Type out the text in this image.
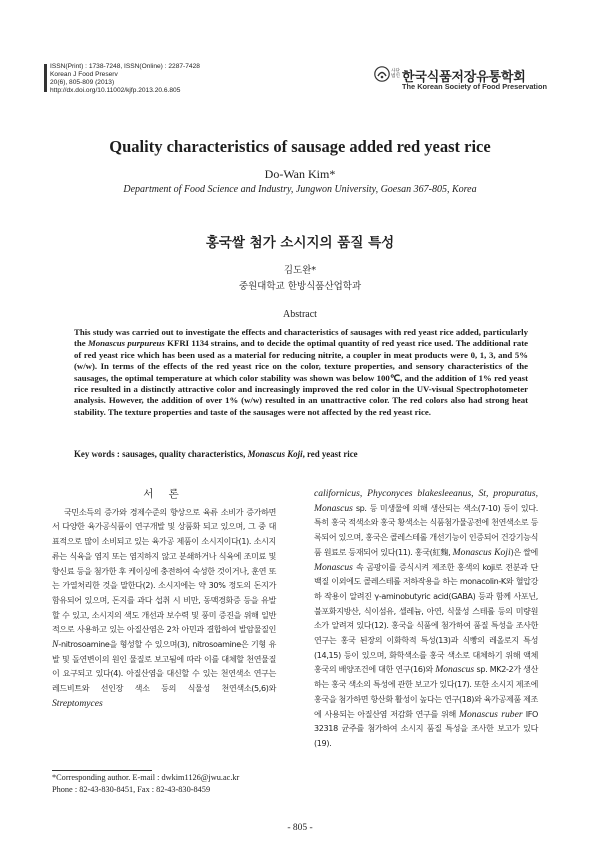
ISSN(Print) : 1738-7248, ISSN(Online) : 2287-7428
Korean J Food Preserv
20(6), 805-809 (2013)
http://dx.doi.org/10.11002/kjfp.2013.20.6.805
사단법인 한국식품저장유통학회
The Korean Society of Food Preservation
Quality characteristics of sausage added red yeast rice
Do-Wan Kim*
Department of Food Science and Industry, Jungwon University, Goesan 367-805, Korea
홍국쌀 첨가 소시지의 품질 특성
김도완*
중원대학교 한방식품산업학과
Abstract
This study was carried out to investigate the effects and characteristics of sausages with red yeast rice added, particularly the Monascus purpureus KFRI 1134 strains, and to decide the optimal quantity of red yeast rice used. The additional rate of red yeast rice which has been used as a material for reducing nitrite, a coupler in meat products were 0, 1, 3, and 5% (w/w). In terms of the effects of the red yeast rice on the color, texture properties, and sensory characteristics of the sausages, the optimal temperature at which color stability was shown was below 100℃, and the addition of 1% red yeast rice resulted in a distinctly attractive color and increasingly improved the red color in the UV-visual Spectrophotometer analysis. However, the addition of over 1% (w/w) resulted in an unattractive color. The red colors also had strong heat stability. The texture properties and taste of the sausages were not affected by the red yeast rice.
Key words : sausages, quality characteristics, Monascus Koji, red yeast rice
서 론

국민소득의 증가와 경제수준의 향상으로 육류 소비가 증가하면서 다양한 육가공식품이 연구개발 및 상품화 되고 있으며, 그 중 대표적으로 많이 소비되고 있는 육가공 제품이 소시지이다(1). 소시지류는 식육을 염지 또는 염지하지 않고 분쇄하거나 식육에 조미료 및 향신료 등을 첨가한 후 케이싱에 충전하여 숙성한 것이거나, 훈연 또는 가열처리한 것을 말한다(2). 소시지에는 약 30% 정도의 돈지가 함유되어 있으며, 돈지를 과다 섭취 시 비만, 동맥경화증 등을 유발할 수 있고, 소시지의 색도 개선과 보수력 및 풍미 증진을 위해 일반적으로 사용하고 있는 아질산염은 2차 아민과 결합하여 발암물질인 N-nitrosoamine을 형성할 수 있으며(3), nitrosoamine은 기형 유발 및 돌연변이의 원인 물질로 보고됨에 따라 이를 대체할 천연물질이 요구되고 있다(4). 아질산염을 대신할 수 있는 천연색소 연구는 레드비트와 선인장 색소 등의 식물성 천연색소(5,6)와 Streptomyces

californicus, Phyconyces blakesleeanus, St, propuratus, Monascus sp. 등 미생물에 의해 생산되는 색소(7-10) 등이 있다. 특히 홍국 적색소와 홍국 황색소는 식품첨가물공전에 천연색소로 등록되어 있으며, 홍국은 콜레스테롤 개선기능이 인증되어 건강기능식품 원료로 등재되어 있다(11). 홍국(紅麴, Monascus Koji)은 쌀에 Monascus 속 곰팡이를 증식시켜 제조한 홍색의 koji로 전분과 단백질 이외에도 콜레스테롤 저하작용을 하는 monacolin-K와 혈압강하 작용이 알려진 γ-aminobutyric acid(GABA) 등과 함께 사포닌, 불포화지방산, 식이섬유, 셀레늄, 아연, 식물성 스테롤 등의 미량원소가 알려져 있다(12). 홍국을 식품에 첨가하여 품질 특성을 조사한 연구는 홍국 된장의 이화학적 특성(13)과 식빵의 레올로지 특성(14,15) 등이 있으며, 화학색소를 홍국 색소로 대체하기 위해 액체 홍국의 배양조건에 대한 연구(16)와 Monascus sp. MK2-2가 생산하는 홍국 색소의 특성에 관한 보고가 있다(17). 또한 소시지 제조에 홍국을 첨가하면 항산화 활성이 높다는 연구(18)와 육가공제품 제조에 사용되는 아질산염 저감화 연구를 위해 Monascus ruber IFO 32318 균주를 첨가하여 소시지 품질 특성을 조사한 보고가 있다(19).

*Corresponding author. E-mail : dwkim1126@jwu.ac.kr
Phone : 82-43-830-8451, Fax : 82-43-830-8459
- 805 -
